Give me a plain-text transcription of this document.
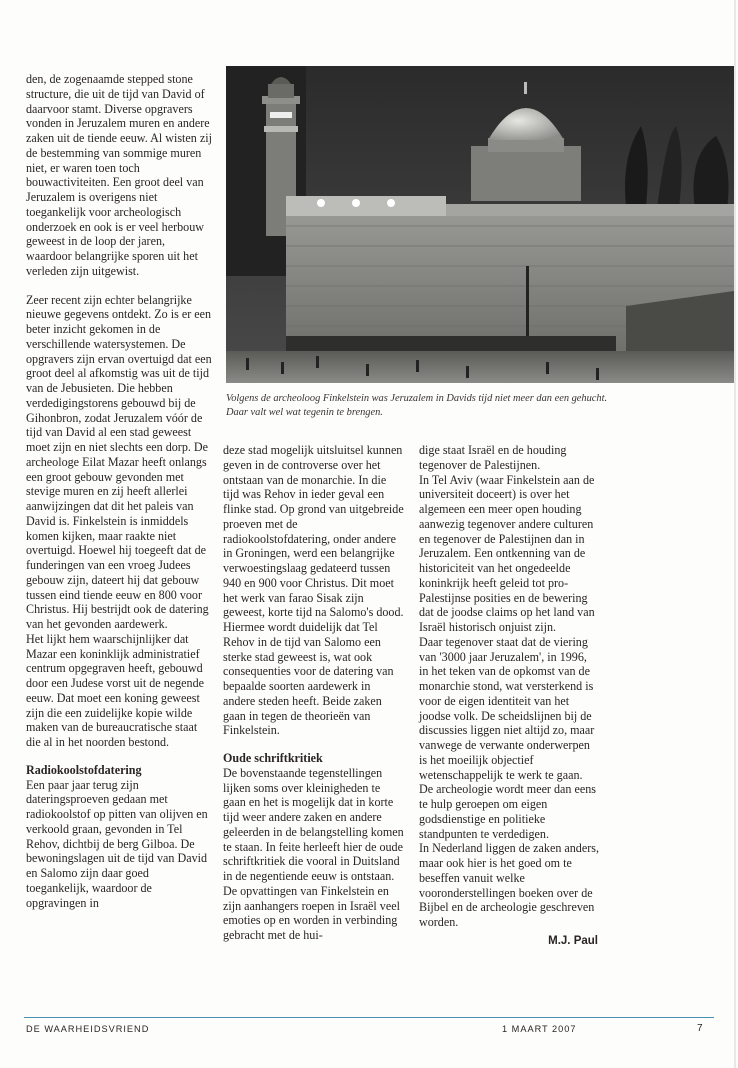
den, de zogenaamde stepped stone structure, die uit de tijd van David of daarvoor stamt. Diverse opgravers vonden in Jeruzalem muren en andere zaken uit de tiende eeuw. Al wisten zij de bestemming van sommige muren niet, er waren toen toch bouwactiviteiten. Een groot deel van Jeruzalem is overigens niet toegankelijk voor archeologisch onderzoek en ook is er veel herbouw geweest in de loop der jaren, waardoor belangrijke sporen uit het verleden zijn uitgewist.

Zeer recent zijn echter belangrijke nieuwe gegevens ontdekt. Zo is er een beter inzicht gekomen in de verschillende watersystemen. De opgravers zijn ervan overtuigd dat een groot deel al afkomstig was uit de tijd van de Jebusieten. Die hebben verdedigingstorens gebouwd bij de Gihonbron, zodat Jeruzalem vóór de tijd van David al een stad geweest moet zijn en niet slechts een dorp. De archeologe Eilat Mazar heeft onlangs een groot gebouw gevonden met stevige muren en zij heeft allerlei aanwijzingen dat dit het paleis van David is. Finkelstein is inmiddels komen kijken, maar raakte niet overtuigd. Hoewel hij toegeeft dat de funderingen van een vroeg Judees gebouw zijn, dateert hij dat gebouw tussen eind tiende eeuw en 800 voor Christus. Hij bestrijdt ook de datering van het gevonden aardewerk.

Het lijkt hem waarschijnlijker dat Mazar een koninklijk administratief centrum opgegraven heeft, gebouwd door een Judese vorst uit de negende eeuw. Dat moet een koning geweest zijn die een zuidelijke kopie wilde maken van de bureaucratische staat die al in het noorden bestond.

Radiokoolstofdatering

Een paar jaar terug zijn dateringsproeven gedaan met radiokoolstof op pitten van olijven en verkoold graan, gevonden in Tel Rehov, dichtbij de berg Gilboa. De bewoningslagen uit de tijd van David en Salomo zijn daar goed toegankelijk, waardoor de opgravingen in

Volgens de archeoloog Finkelstein was Jeruzalem in Davids tijd niet meer dan een gehucht. Daar valt wel wat tegenin te brengen.

deze stad mogelijk uitsluitsel kunnen geven in de controverse over het ontstaan van de monarchie. In die tijd was Rehov in ieder geval een flinke stad. Op grond van uitgebreide proeven met de radiokoolstofdatering, onder andere in Groningen, werd een belangrijke verwoestingslaag gedateerd tussen 940 en 900 voor Christus. Dit moet het werk van farao Sisak zijn geweest, korte tijd na Salomo's dood. Hiermee wordt duidelijk dat Tel Rehov in de tijd van Salomo een sterke stad geweest is, wat ook consequenties voor de datering van bepaalde soorten aardewerk in andere steden heeft. Beide zaken gaan in tegen de theorieën van Finkelstein.

Oude schriftkritiek

De bovenstaande tegenstellingen lijken soms over kleinigheden te gaan en het is mogelijk dat in korte tijd weer andere zaken en andere geleerden in de belangstelling komen te staan. In feite herleeft hier de oude schriftkritiek die vooral in Duitsland in de negentiende eeuw is ontstaan.

De opvattingen van Finkelstein en zijn aanhangers roepen in Israël veel emoties op en worden in verbinding gebracht met de hui-

dige staat Israël en de houding tegenover de Palestijnen.

In Tel Aviv (waar Finkelstein aan de universiteit doceert) is over het algemeen een meer open houding aanwezig tegenover andere culturen en tegenover de Palestijnen dan in Jeruzalem. Een ontkenning van de historiciteit van het ongedeelde koninkrijk heeft geleid tot pro-Palestijnse posities en de bewering dat de joodse claims op het land van Israël historisch onjuist zijn.

Daar tegenover staat dat de viering van '3000 jaar Jeruzalem', in 1996, in het teken van de opkomst van de monarchie stond, wat versterkend is voor de eigen identiteit van het joodse volk. De scheidslijnen bij de discussies liggen niet altijd zo, maar vanwege de verwante onderwerpen is het moeilijk objectief wetenschappelijk te werk te gaan. De archeologie wordt meer dan eens te hulp geroepen om eigen godsdienstige en politieke standpunten te verdedigen.

In Nederland liggen de zaken anders, maar ook hier is het goed om te beseffen vanuit welke vooronderstellingen boeken over de Bijbel en de archeologie geschreven worden.

M.J. Paul
DE WAARHEIDSVRIEND	1 MAART 2007	7
